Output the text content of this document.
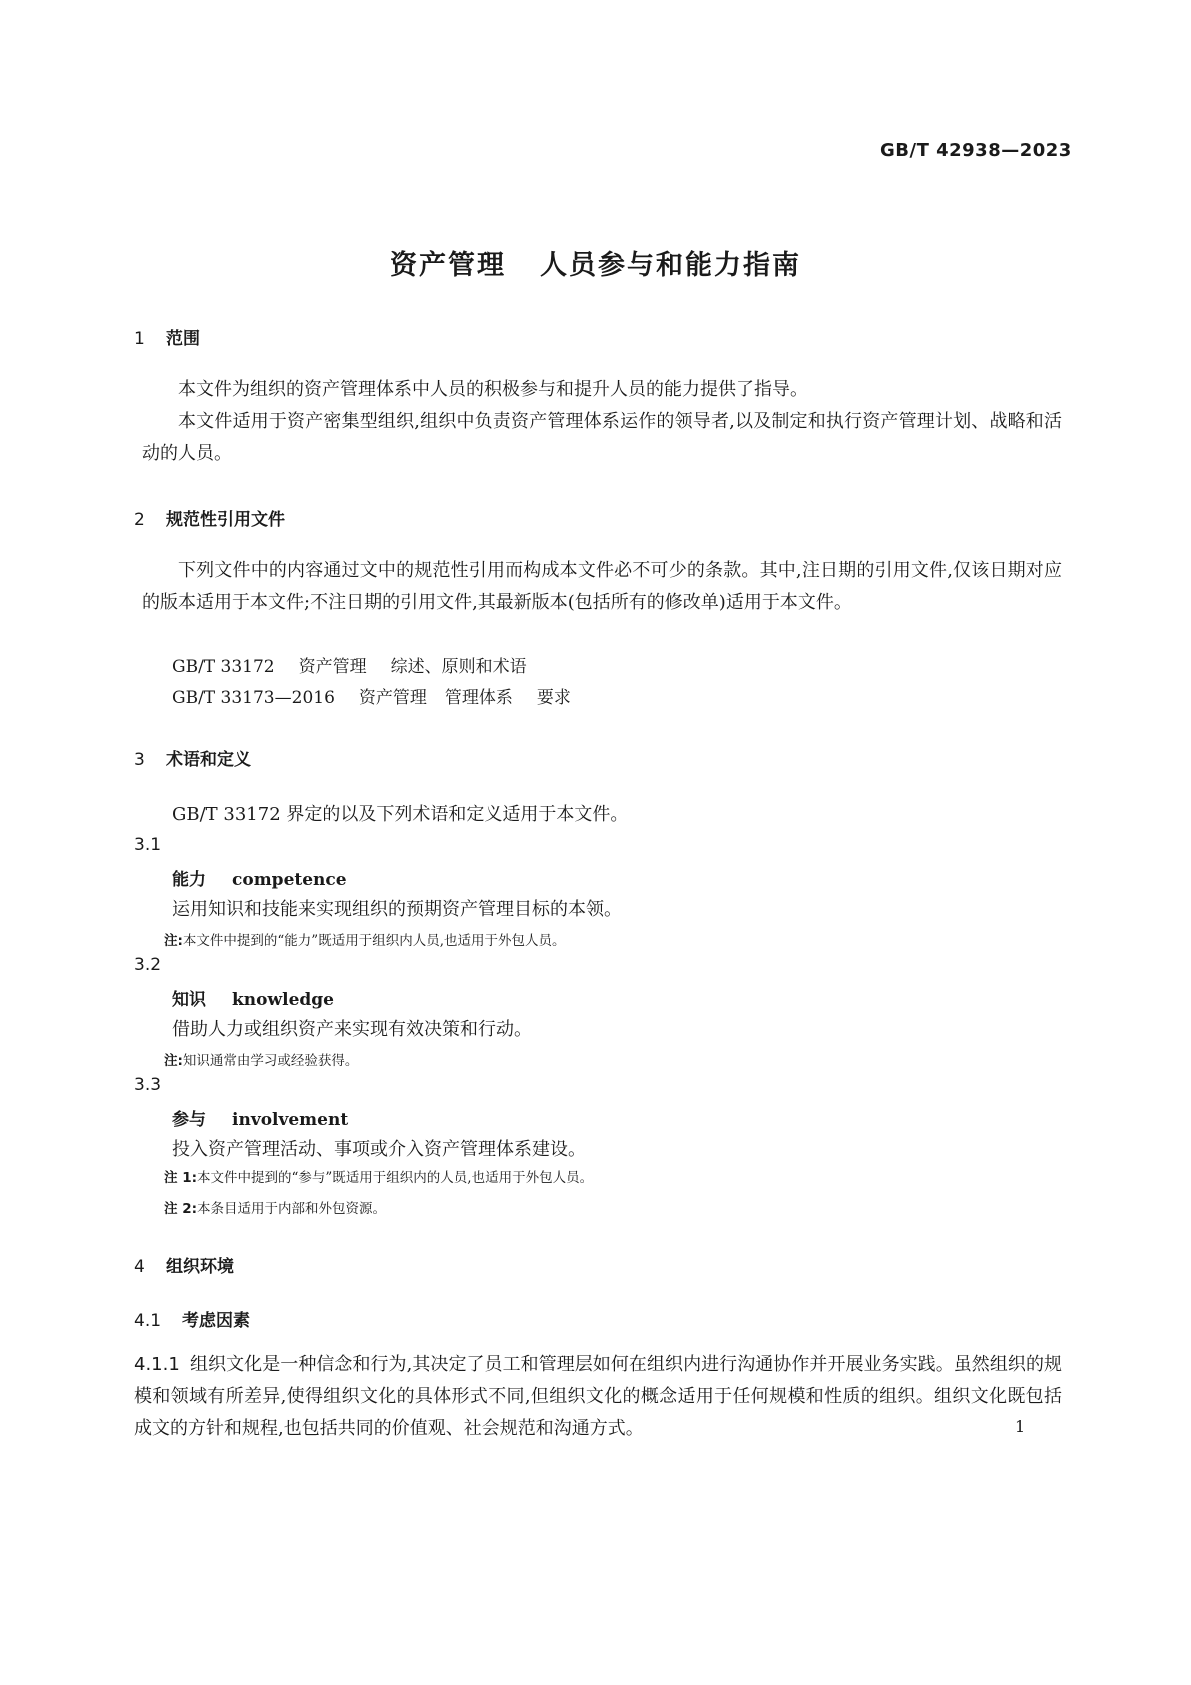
GB/T 42938—2023
资产管理 人员参与和能力指南
1 范围

本文件为组织的资产管理体系中人员的积极参与和提升人员的能力提供了指导。

本文件适用于资产密集型组织,组织中负责资产管理体系运作的领导者,以及制定和执行资产管理计划、战略和活动的人员。

2 规范性引用文件

下列文件中的内容通过文中的规范性引用而构成本文件必不可少的条款。其中,注日期的引用文件,仅该日期对应的版本适用于本文件;不注日期的引用文件,其最新版本(包括所有的修改单)适用于本文件。

GB/T 33172 资产管理 综述、原则和术语
GB/T 33173—2016 资产管理 管理体系 要求
3 术语和定义
GB/T 33172 界定的以及下列术语和定义适用于本文件。
3.1
能力 competence
运用知识和技能来实现组织的预期资产管理目标的本领。
注:本文件中提到的“能力”既适用于组织内人员,也适用于外包人员。
3.2
知识 knowledge
借助人力或组织资产来实现有效决策和行动。
注:知识通常由学习或经验获得。
3.3
参与 involvement
投入资产管理活动、事项或介入资产管理体系建设。
注 1:本文件中提到的“参与”既适用于组织内的人员,也适用于外包人员。
注 2:本条目适用于内部和外包资源。
4 组织环境
4.1 考虑因素

4.1.1 组织文化是一种信念和行为,其决定了员工和管理层如何在组织内进行沟通协作并开展业务实践。虽然组织的规模和领域有所差异,使得组织文化的具体形式不同,但组织文化的概念适用于任何规模和性质的组织。组织文化既包括成文的方针和规程,也包括共同的价值观、社会规范和沟通方式。	1
